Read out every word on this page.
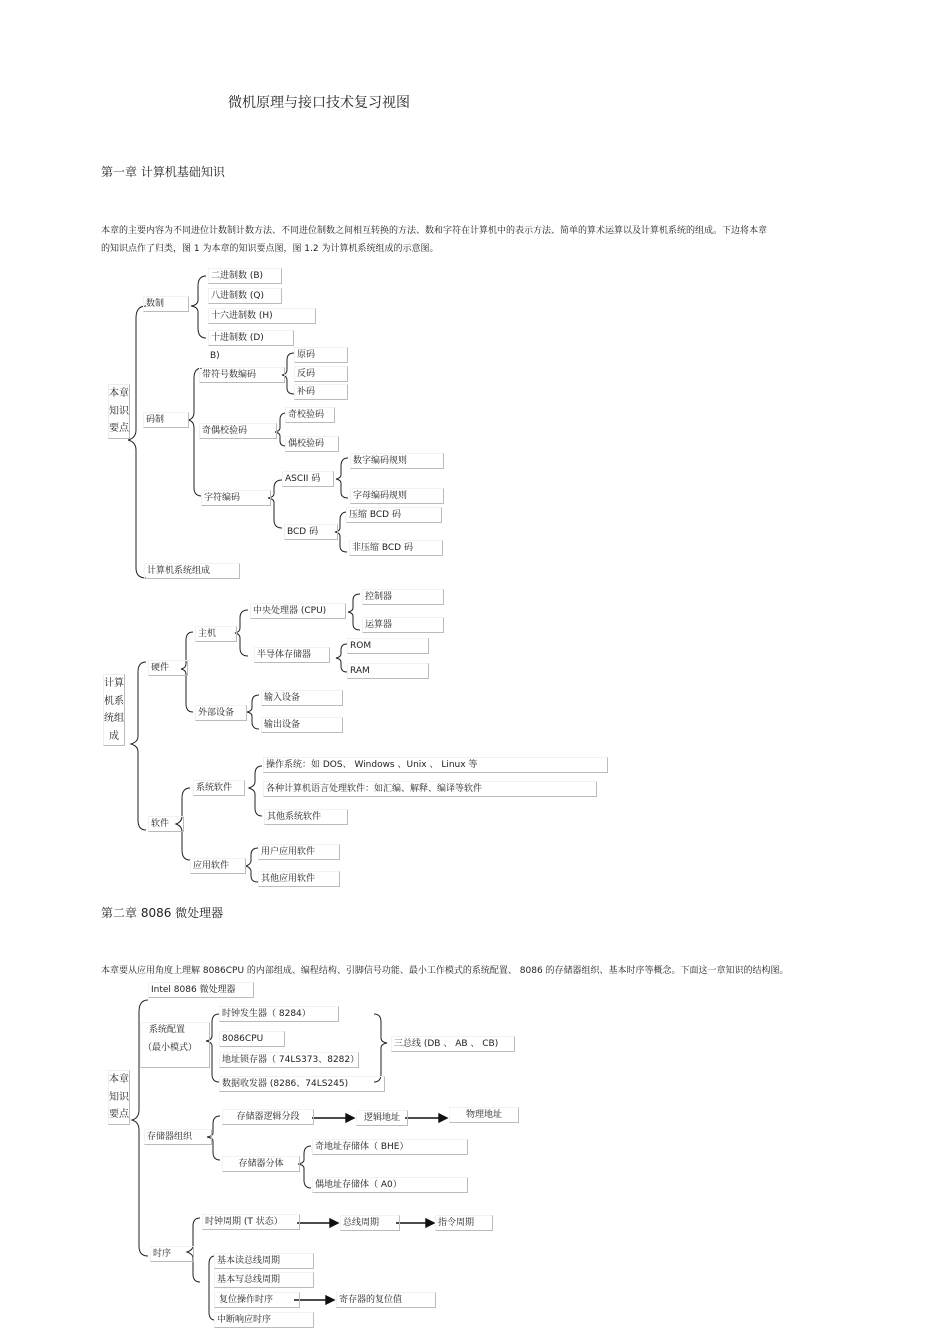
微机原理与接口技术复习视图
第一章 计算机基础知识
本章的主要内容为不同进位计数制计数方法、不同进位制数之间相互转换的方法、数和字符在计算机中的表示方法、简单的算术运算以及计算机系统的组成。下边将本章
的知识点作了归类，图 1 为本章的知识要点图，图 1.2 为计算机系统组成的示意图。
本章知识要点
数制
二进制数 (B)
八进制数 (Q)
十六进制数 (H)
十进制数 (D)
B)
码制
带符号数编码
原码
反码
补码
奇偶校验码
奇校验码
偶校验码
字符编码
ASCII 码
数字编码规则
字母编码规则
BCD 码
压缩 BCD 码
非压缩 BCD 码
计算机系统组成
计算机系统组成
硬件
主机
中央处理器 (CPU)
控制器
运算器
半导体存储器
ROM
RAM
外部设备
输入设备
输出设备
软件
系统软件
操作系统：如 DOS、 Windows 、Unix 、 Linux 等
各种计算机语言处理软件：如汇编、解释、编译等软件
其他系统软件
应用软件
用户应用软件
其他应用软件
第二章 8086 微处理器
本章要从应用角度上理解 8086CPU 的内部组成、编程结构、引脚信号功能、最小工作模式的系统配置、 8086 的存储器组织、基本时序等概念。下面这一章知识的结构图。
本章知识要点
Intel 8086 微处理器
系统配置
（最小模式）
时钟发生器（ 8284）
8086CPU
地址锁存器（ 74LS373、8282）
数据收发器 (8286、74LS245)
三总线 (DB 、 AB 、 CB)
存储器组织
存储器逻辑分段	逻辑地址	物理地址
存储器分体
奇地址存储体（ BHE）
偶地址存储体（ A0）
时序
时钟周期 (T 状态）	总线周期	指令周期
基本读总线周期
基本写总线周期
复位操作时序	寄存器的复位值
中断响应时序
